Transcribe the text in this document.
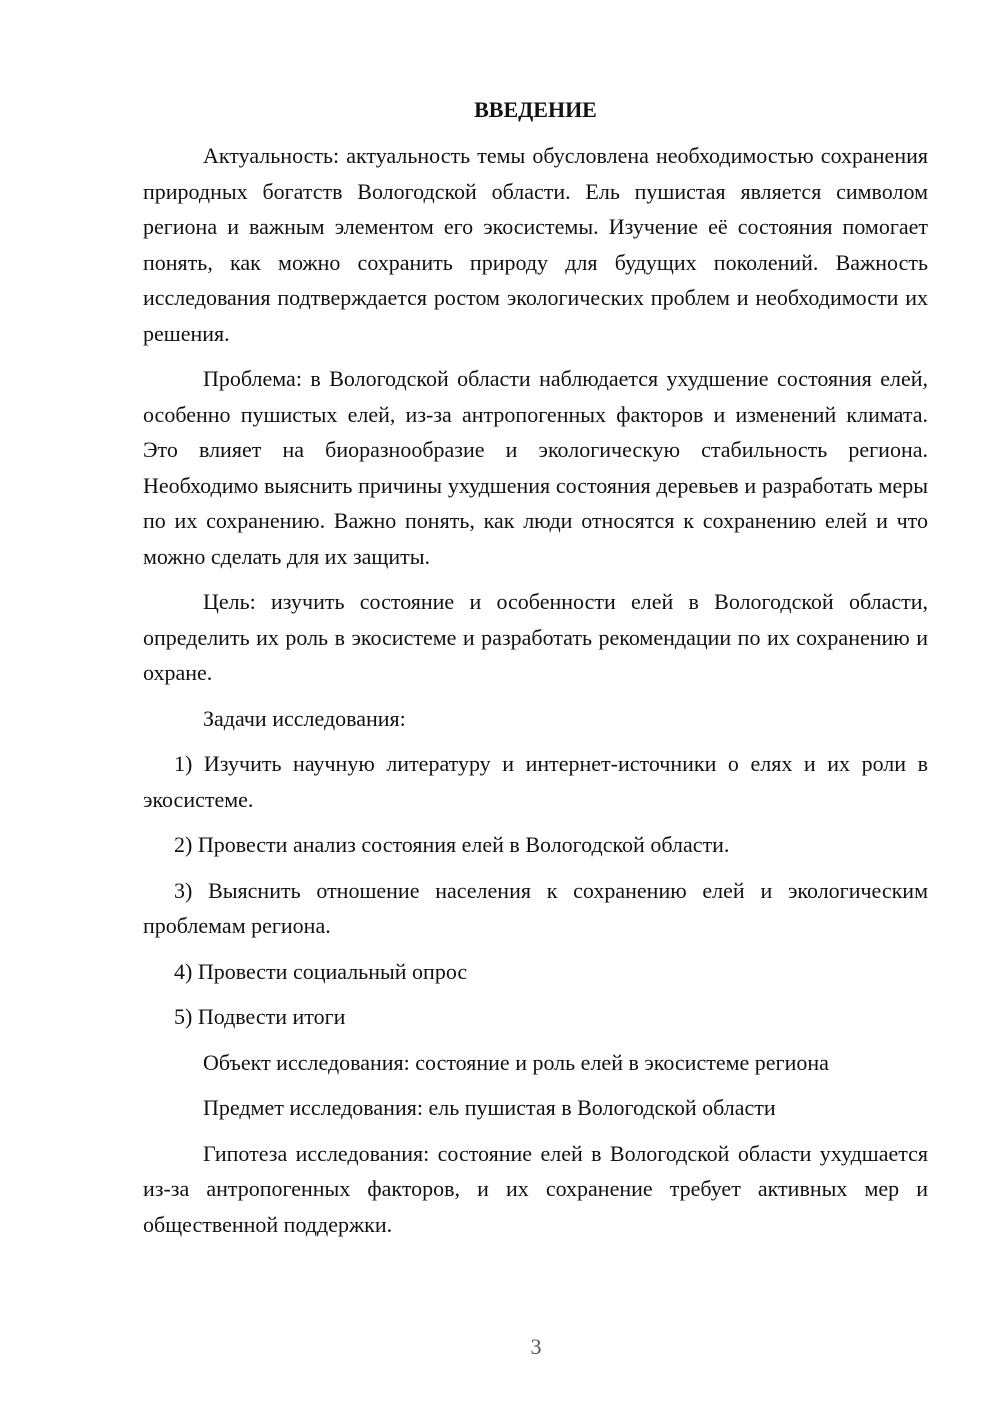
ВВЕДЕНИЕ

Актуальность: актуальность темы обусловлена необходимостью сохранения природных богатств Вологодской области. Ель пушистая является символом региона и важным элементом его экосистемы. Изучение её состояния помогает понять, как можно сохранить природу для будущих поколений. Важность исследования подтверждается ростом экологических проблем и необходимости их решения.

Проблема: в Вологодской области наблюдается ухудшение состояния елей, особенно пушистых елей, из-за антропогенных факторов и изменений климата. Это влияет на биоразнообразие и экологическую стабильность региона. Необходимо выяснить причины ухудшения состояния деревьев и разработать меры по их сохранению. Важно понять, как люди относятся к сохранению елей и что можно сделать для их защиты.

Цель: изучить состояние и особенности елей в Вологодской области, определить их роль в экосистеме и разработать рекомендации по их сохранению и охране.

Задачи исследования:

1) Изучить научную литературу и интернет-источники о елях и их роли в экосистеме.

2) Провести анализ состояния елей в Вологодской области.

3) Выяснить отношение населения к сохранению елей и экологическим проблемам региона.

4) Провести социальный опрос

5) Подвести итоги

Объект исследования: состояние и роль елей в экосистеме региона

Предмет исследования: ель пушистая в Вологодской области

Гипотеза исследования: состояние елей в Вологодской области ухудшается из-за антропогенных факторов, и их сохранение требует активных мер и общественной поддержки.

3
